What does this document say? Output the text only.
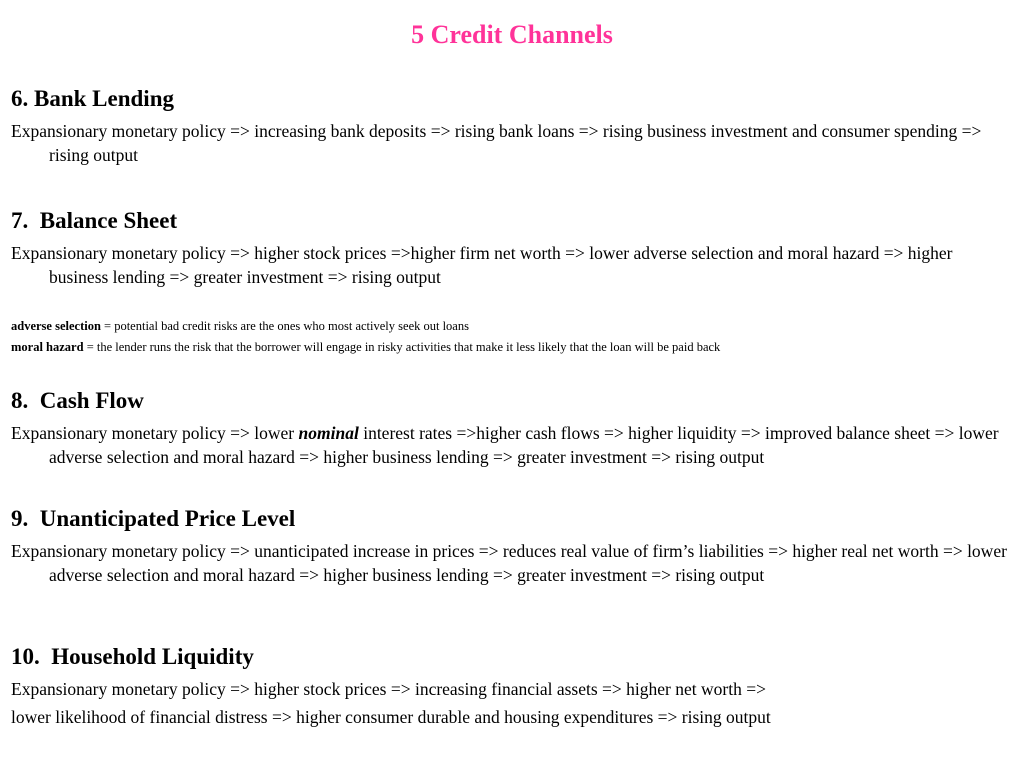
5 Credit Channels
6. Bank Lending
Expansionary monetary policy => increasing bank deposits => rising bank loans => rising business investment and consumer spending => rising output
7.  Balance Sheet
Expansionary monetary policy => higher stock prices =>higher firm net worth => lower adverse selection and moral hazard => higher business lending => greater investment => rising output
adverse selection = potential bad credit risks are the ones who most actively seek out loans
moral hazard = the lender runs the risk that the borrower will engage in risky activities that make it less likely that the loan will be paid back
8.  Cash Flow
Expansionary monetary policy => lower nominal interest rates =>higher cash flows => higher liquidity => improved balance sheet => lower adverse selection and moral hazard => higher business lending => greater investment => rising output
9.  Unanticipated Price Level
Expansionary monetary policy => unanticipated increase in prices => reduces real value of firm’s liabilities => higher real net worth => lower adverse selection and moral hazard => higher business lending => greater investment => rising output
10.  Household Liquidity
Expansionary monetary policy => higher stock prices => increasing financial assets => higher net worth =>
lower likelihood of financial distress => higher consumer durable and housing expenditures => rising output
